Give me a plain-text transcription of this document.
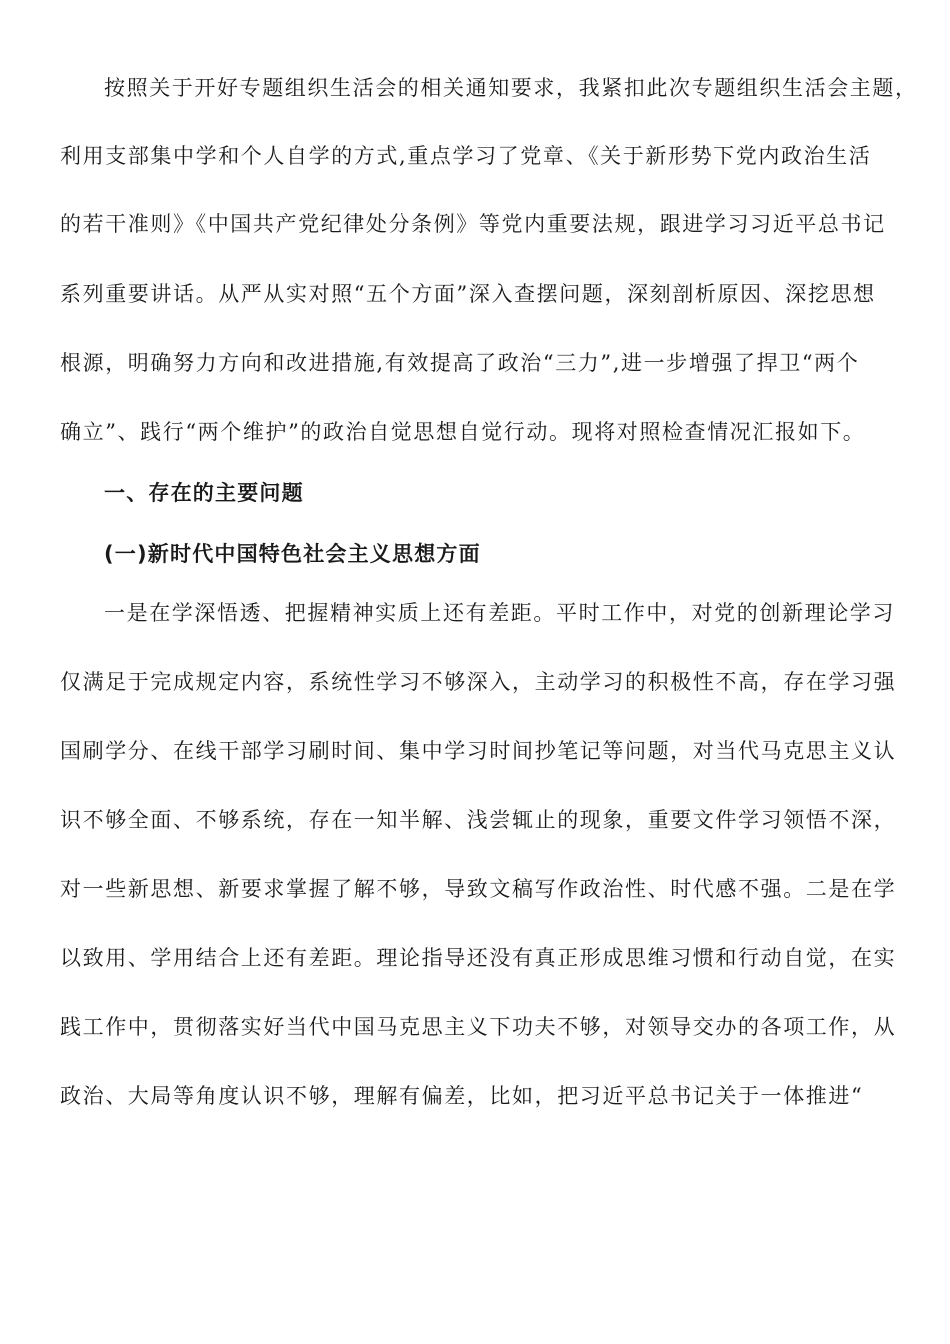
按照关于开好专题组织生活会的相关通知要求，我紧扣此次专题组织生活会主题，
利用支部集中学和个人自学的方式,重点学习了党章、《关于新形势下党内政治生活
的若干准则》《中国共产党纪律处分条例》等党内重要法规，跟进学习习近平总书记
系列重要讲话。从严从实对照“五个方面”深入查摆问题，深刻剖析原因、深挖思想
根源，明确努力方向和改进措施,有效提高了政治“三力”,进一步增强了捍卫“两个
确立”、践行“两个维护”的政治自觉思想自觉行动。现将对照检查情况汇报如下。
一、存在的主要问题
(一)新时代中国特色社会主义思想方面
一是在学深悟透、把握精神实质上还有差距。平时工作中，对党的创新理论学习
仅满足于完成规定内容，系统性学习不够深入，主动学习的积极性不高，存在学习强
国刷学分、在线干部学习刷时间、集中学习时间抄笔记等问题，对当代马克思主义认
识不够全面、不够系统，存在一知半解、浅尝辄止的现象，重要文件学习领悟不深，
对一些新思想、新要求掌握了解不够，导致文稿写作政治性、时代感不强。二是在学
以致用、学用结合上还有差距。理论指导还没有真正形成思维习惯和行动自觉，在实
践工作中，贯彻落实好当代中国马克思主义下功夫不够，对领导交办的各项工作，从
政治、大局等角度认识不够，理解有偏差，比如，把习近平总书记关于一体推进“
